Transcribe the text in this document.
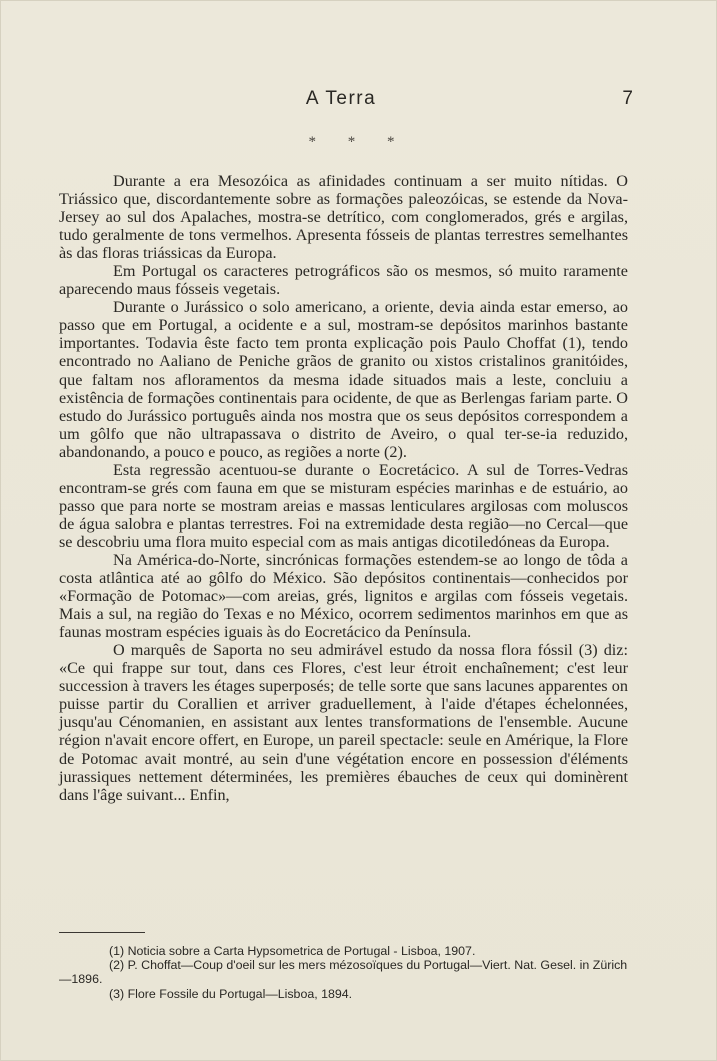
A Terra	7
* * *

Durante a era Mesozóica as afinidades continuam a ser muito nítidas. O Triássico que, discordantemente sobre as formações paleozóicas, se estende da Nova-Jersey ao sul dos Apalaches, mostra-se detrítico, com conglomerados, grés e argilas, tudo geralmente de tons vermelhos. Apresenta fósseis de plantas terrestres semelhantes às das floras triássicas da Europa.

Em Portugal os caracteres petrográficos são os mesmos, só muito raramente aparecendo maus fósseis vegetais.

Durante o Jurássico o solo americano, a oriente, devia ainda estar emerso, ao passo que em Portugal, a ocidente e a sul, mostram-se depósitos marinhos bastante importantes. Todavia êste facto tem pronta explicação pois Paulo Choffat (1), tendo encontrado no Aaliano de Peniche grãos de granito ou xistos cristalinos granitóides, que faltam nos afloramentos da mesma idade situados mais a leste, concluiu a existência de formações continentais para ocidente, de que as Berlengas fariam parte. O estudo do Jurássico português ainda nos mostra que os seus depósitos correspondem a um gôlfo que não ultrapassava o distrito de Aveiro, o qual ter-se-ia reduzido, abandonando, a pouco e pouco, as regiões a norte (2).

Esta regressão acentuou-se durante o Eocretácico. A sul de Torres-Vedras encontram-se grés com fauna em que se misturam espécies marinhas e de estuário, ao passo que para norte se mostram areias e massas lenticulares argilosas com moluscos de água salobra e plantas terrestres. Foi na extremidade desta região—no Cercal—que se descobriu uma flora muito especial com as mais antigas dicotiledóneas da Europa.

Na América-do-Norte, sincrónicas formações estendem-se ao longo de tôda a costa atlântica até ao gôlfo do México. São depósitos continentais—conhecidos por «Formação de Potomac»—com areias, grés, lignitos e argilas com fósseis vegetais. Mais a sul, na região do Texas e no México, ocorrem sedimentos marinhos em que as faunas mostram espécies iguais às do Eocretácico da Península.

O marquês de Saporta no seu admirável estudo da nossa flora fóssil (3) diz: «Ce qui frappe sur tout, dans ces Flores, c'est leur étroit enchaînement; c'est leur succession à travers les étages superposés; de telle sorte que sans lacunes apparentes on puisse partir du Corallien et arriver graduellement, à l'aide d'étapes échelonnées, jusqu'au Cénomanien, en assistant aux lentes transformations de l'ensemble. Aucune région n'avait encore offert, en Europe, un pareil spectacle: seule en Amérique, la Flore de Potomac avait montré, au sein d'une végétation encore en possession d'éléments jurassiques nettement déterminées, les premières ébauches de ceux qui dominèrent dans l'âge suivant... Enfin,

(1) Noticia sobre a Carta Hypsometrica de Portugal - Lisboa, 1907.

(2) P. Choffat—Coup d'oeil sur les mers mézosoïques du Portugal—Viert. Nat. Gesel. in Zürich—1896.

(3) Flore Fossile du Portugal—Lisboa, 1894.
